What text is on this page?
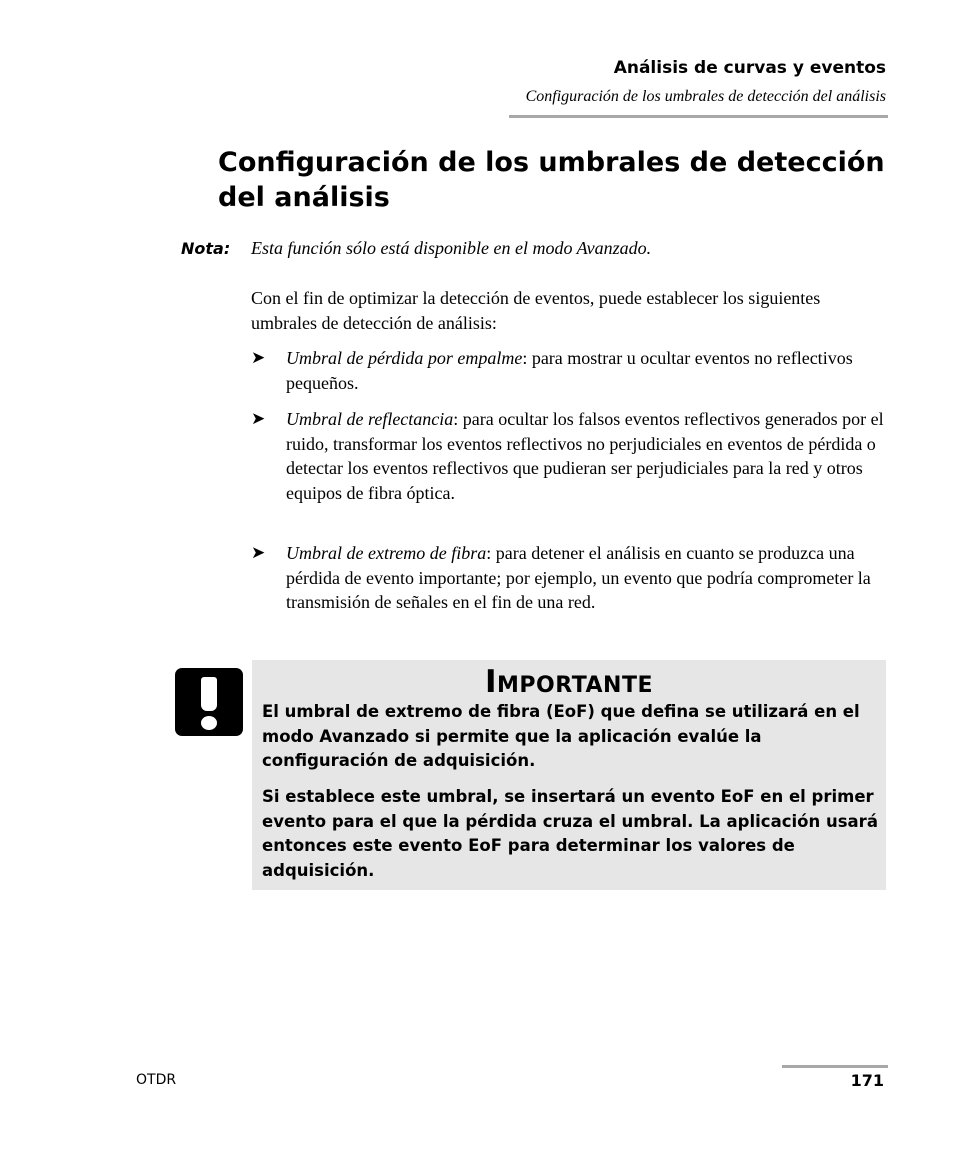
Análisis de curvas y eventos
Configuración de los umbrales de detección del análisis
Configuración de los umbrales de detección del análisis
Nota: Esta función sólo está disponible en el modo Avanzado.

Con el fin de optimizar la detección de eventos, puede establecer los siguientes umbrales de detección de análisis:

➤ Umbral de pérdida por empalme: para mostrar u ocultar eventos no reflectivos pequeños.
➤ Umbral de reflectancia: para ocultar los falsos eventos reflectivos generados por el ruido, transformar los eventos reflectivos no perjudiciales en eventos de pérdida o detectar los eventos reflectivos que pudieran ser perjudiciales para la red y otros equipos de fibra óptica.
➤ Umbral de extremo de fibra: para detener el análisis en cuanto se produzca una pérdida de evento importante; por ejemplo, un evento que podría comprometer la transmisión de señales en el fin de una red.
Importante

El umbral de extremo de fibra (EoF) que defina se utilizará en el modo Avanzado si permite que la aplicación evalúe la configuración de adquisición.

Si establece este umbral, se insertará un evento EoF en el primer evento para el que la pérdida cruza el umbral. La aplicación usará entonces este evento EoF para determinar los valores de adquisición.

OTDR	171
